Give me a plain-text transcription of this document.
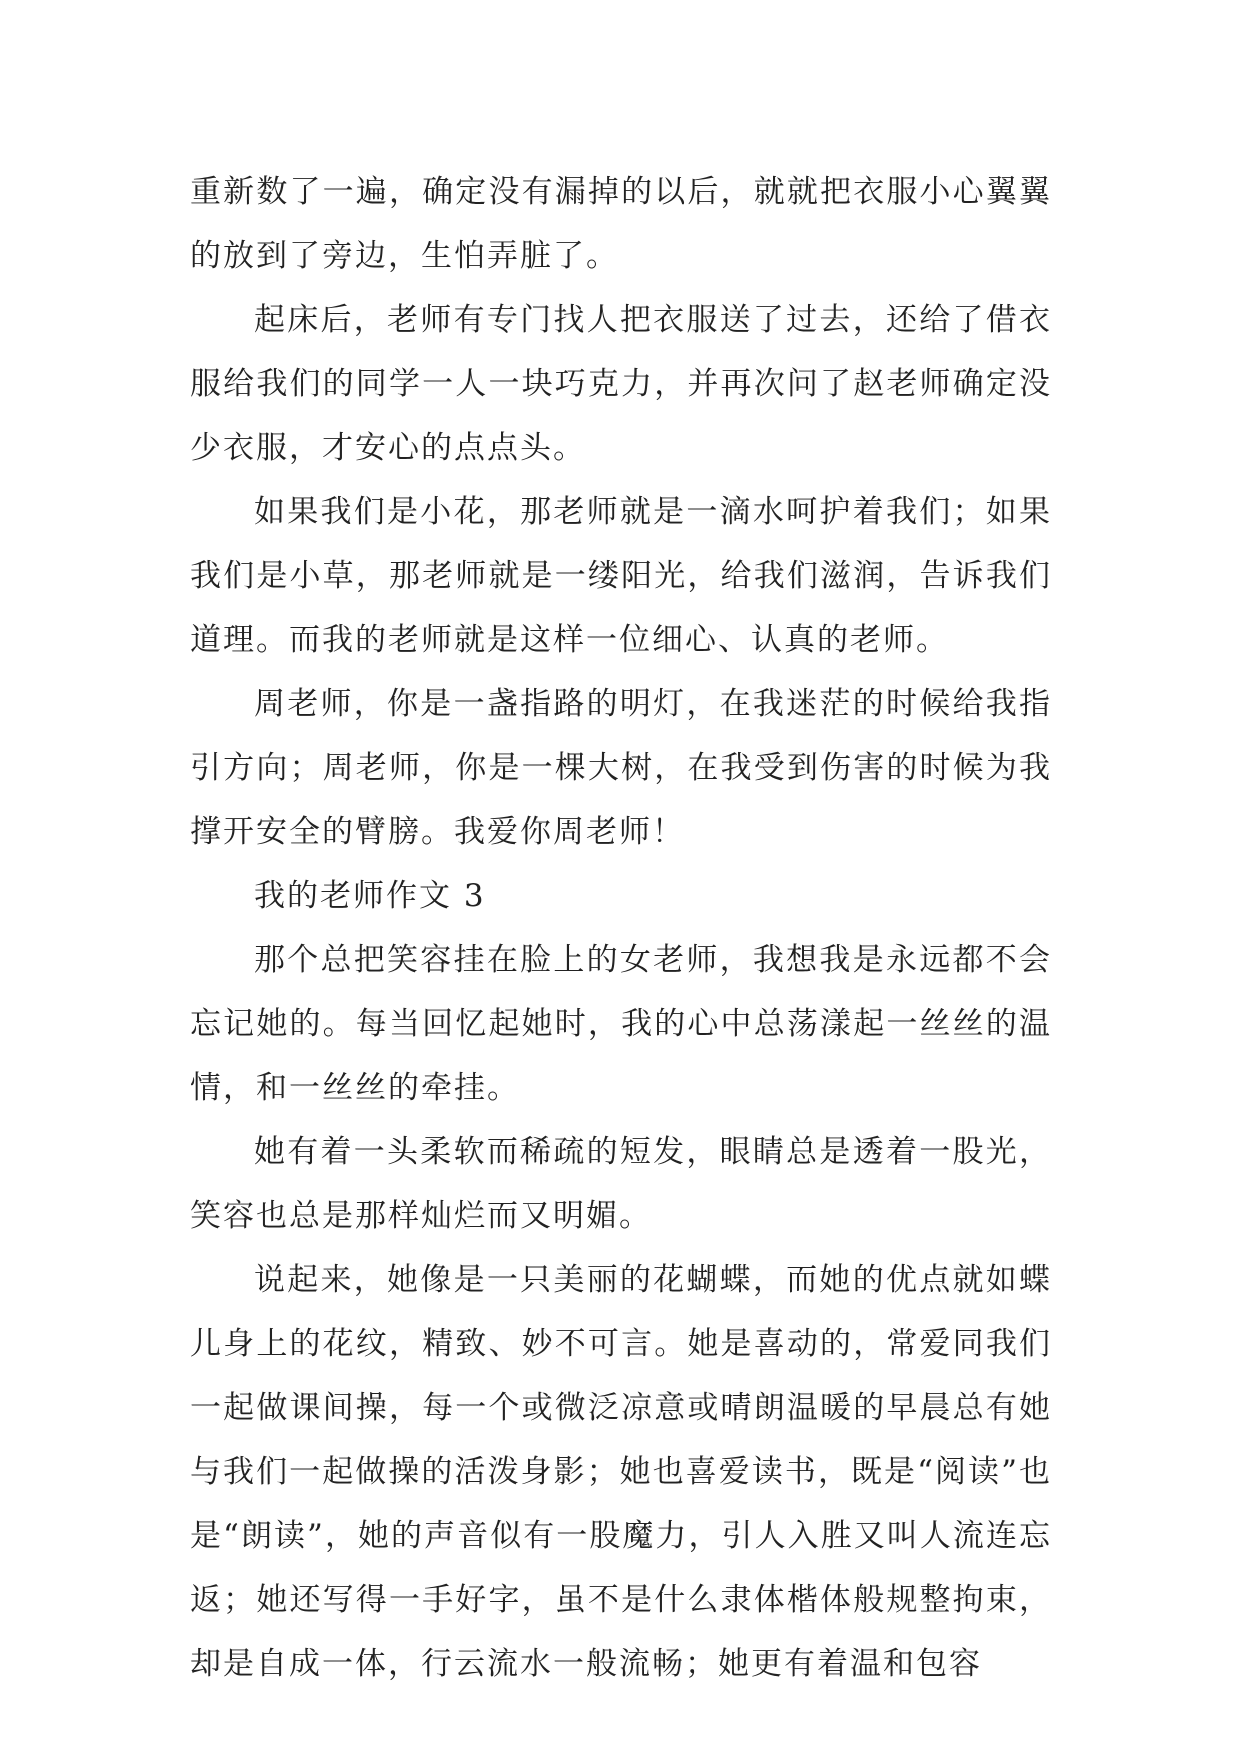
重新数了一遍，确定没有漏掉的以后，就就把衣服小心翼翼的放到了旁边，生怕弄脏了。

起床后，老师有专门找人把衣服送了过去，还给了借衣服给我们的同学一人一块巧克力，并再次问了赵老师确定没少衣服，才安心的点点头。

如果我们是小花，那老师就是一滴水呵护着我们；如果我们是小草，那老师就是一缕阳光，给我们滋润，告诉我们道理。而我的老师就是这样一位细心、认真的老师。

周老师，你是一盏指路的明灯，在我迷茫的时候给我指引方向；周老师，你是一棵大树，在我受到伤害的时候为我撑开安全的臂膀。我爱你周老师！

我的老师作文 3

那个总把笑容挂在脸上的女老师，我想我是永远都不会忘记她的。每当回忆起她时，我的心中总荡漾起一丝丝的温情，和一丝丝的牵挂。

她有着一头柔软而稀疏的短发，眼睛总是透着一股光，笑容也总是那样灿烂而又明媚。

说起来，她像是一只美丽的花蝴蝶，而她的优点就如蝶儿身上的花纹，精致、妙不可言。她是喜动的，常爱同我们一起做课间操，每一个或微泛凉意或晴朗温暖的早晨总有她与我们一起做操的活泼身影；她也喜爱读书，既是“阅读”也是“朗读”，她的声音似有一股魔力，引人入胜又叫人流连忘返；她还写得一手好字，虽不是什么隶体楷体般规整拘束，却是自成一体，行云流水一般流畅；她更有着温和包容
